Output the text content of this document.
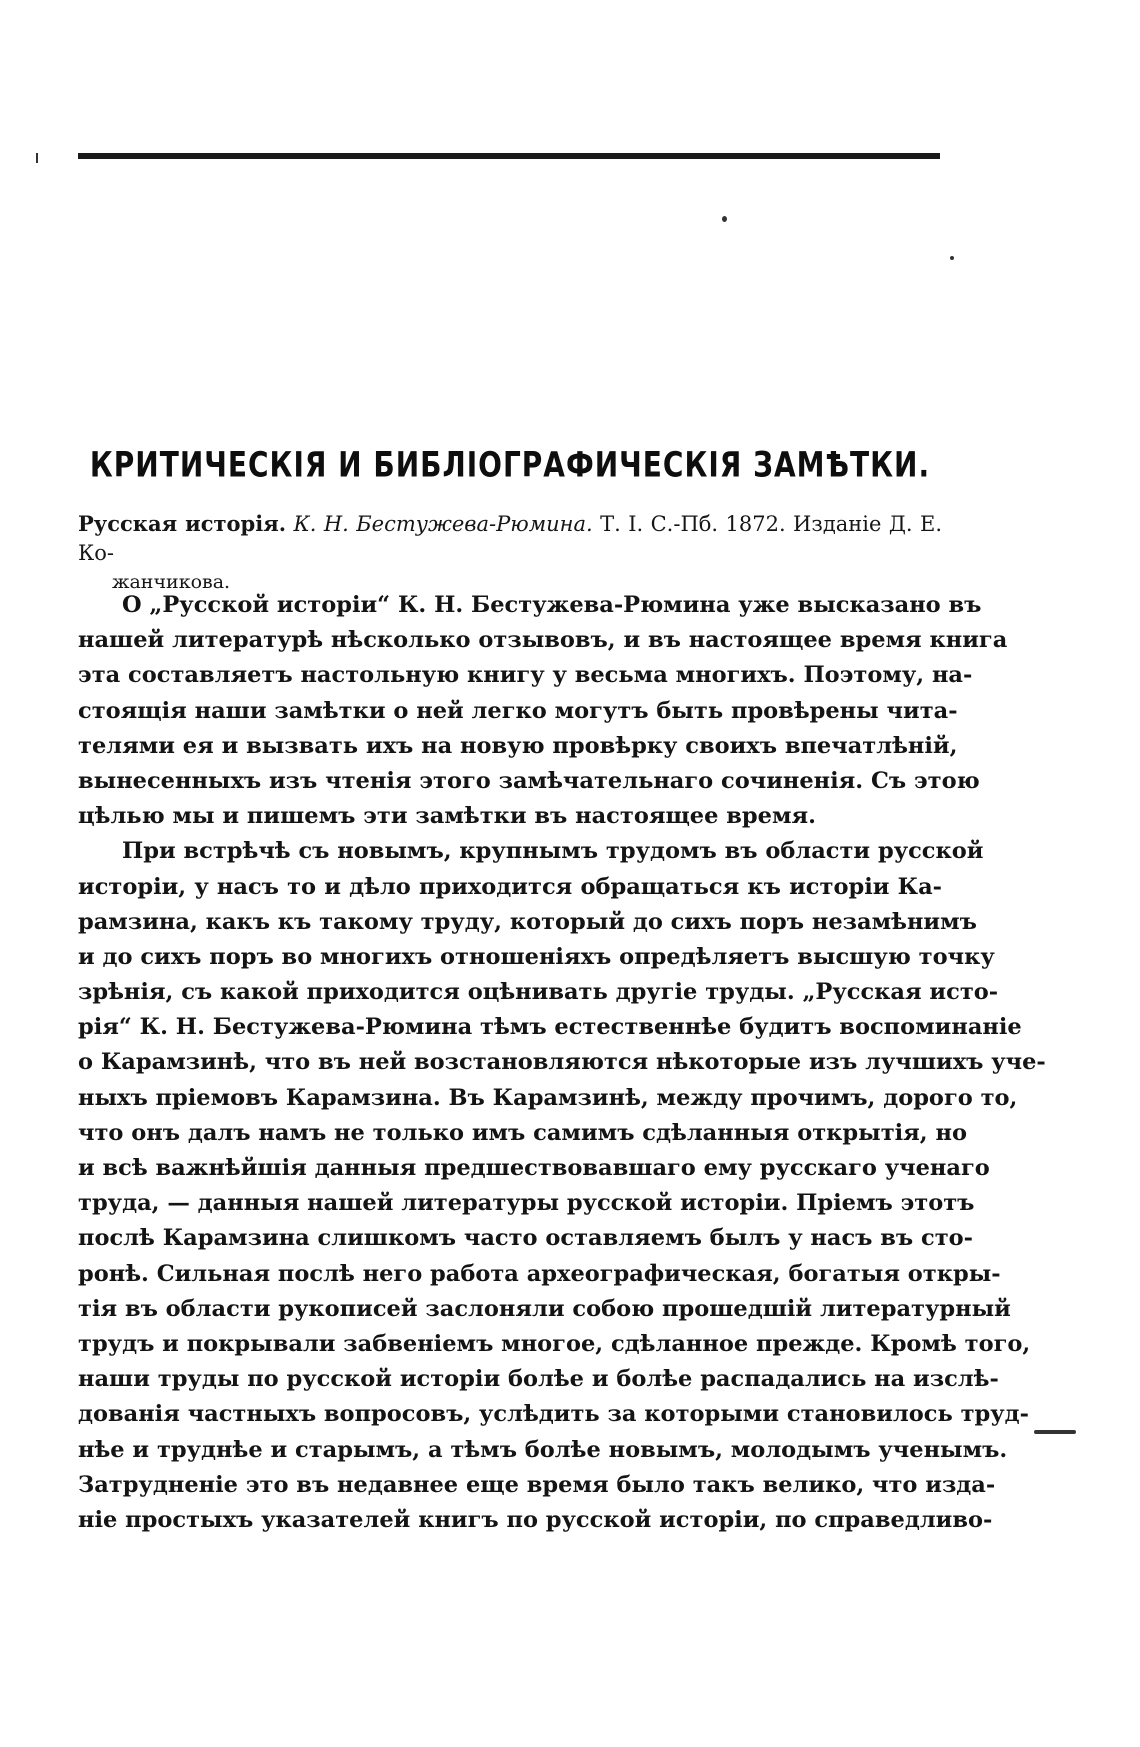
КРИТИЧЕСКІЯ И БИБЛІОГРАФИЧЕСКІЯ ЗАМѢТКИ.
Русская исторія. К. Н. Бестужева-Рюмина. Т. I. С.-Пб. 1872. Изданіе Д. Е. Ко-
жанчикова.
О „Русской исторіи“ К. Н. Бестужева-Рюмина уже высказано въ
нашей литературѣ нѣсколько отзывовъ, и въ настоящее время книга
эта составляетъ настольную книгу у весьма многихъ. Поэтому, на-
стоящія наши замѣтки о ней легко могутъ быть провѣрены чита-
телями ея и вызвать ихъ на новую провѣрку своихъ впечатлѣній,
вынесенныхъ изъ чтенія этого замѣчательнаго сочиненія. Съ этою
цѣлью мы и пишемъ эти замѣтки въ настоящее время.
При встрѣчѣ съ новымъ, крупнымъ трудомъ въ области русской
исторіи, у насъ то и дѣло приходится обращаться къ исторіи Ка-
рамзина, какъ къ такому труду, который до сихъ поръ незамѣнимъ
и до сихъ поръ во многихъ отношеніяхъ опредѣляетъ высшую точку
зрѣнія, съ какой приходится оцѣнивать другіе труды. „Русская исто-
рія“ К. Н. Бестужева-Рюмина тѣмъ естественнѣе будитъ воспоминаніе
о Карамзинѣ, что въ ней возстановляются нѣкоторые изъ лучшихъ уче-
ныхъ пріемовъ Карамзина. Въ Карамзинѣ, между прочимъ, дорого то,
что онъ далъ намъ не только имъ самимъ сдѣланныя открытія, но
и всѣ важнѣйшія данныя предшествовавшаго ему русскаго ученаго
труда, — данныя нашей литературы русской исторіи. Пріемъ этотъ
послѣ Карамзина слишкомъ часто оставляемъ былъ у насъ въ сто-
ронѣ. Сильная послѣ него работа археографическая, богатыя откры-
тія въ области рукописей заслоняли собою прошедшій литературный
трудъ и покрывали забвеніемъ многое, сдѣланное прежде. Кромѣ того,
наши труды по русской исторіи болѣе и болѣе распадались на изслѣ-
дованія частныхъ вопросовъ, услѣдить за которыми становилось труд-
нѣе и труднѣе и старымъ, а тѣмъ болѣе новымъ, молодымъ ученымъ.
Затрудненіе это въ недавнее еще время было такъ велико, что изда-
ніе простыхъ указателей книгъ по русской исторіи, по справедливо-
